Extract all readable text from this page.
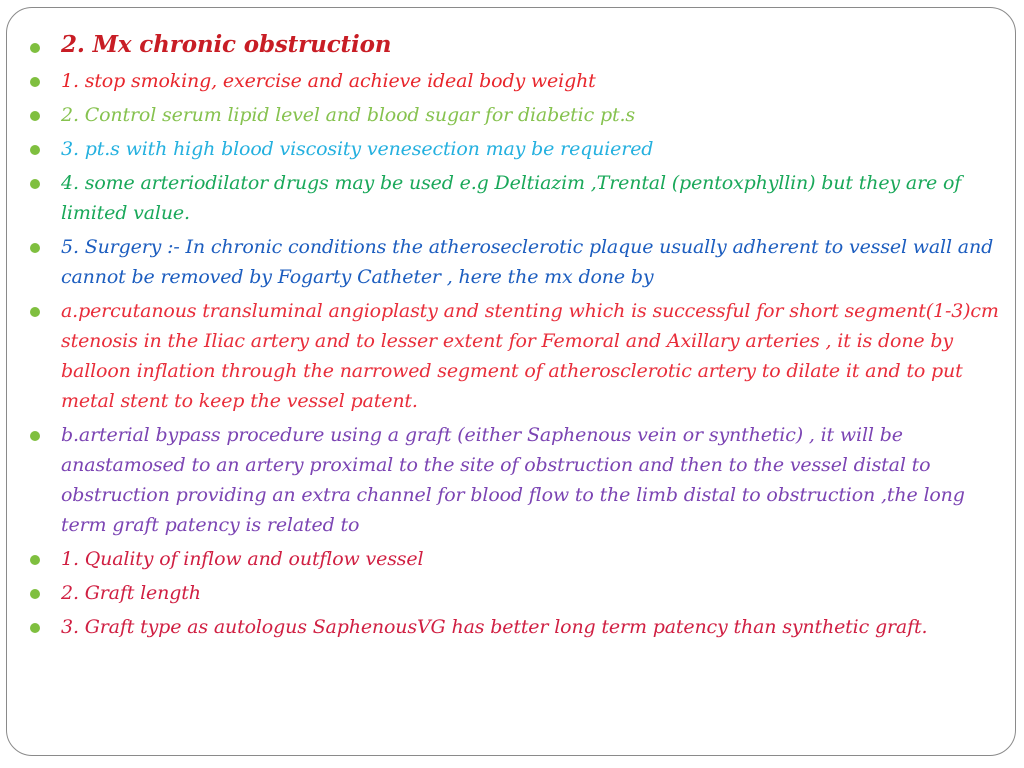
2. Mx chronic obstruction
1. stop smoking, exercise and achieve ideal body weight
2. Control serum lipid level and blood sugar for diabetic pt.s
3. pt.s with high blood viscosity venesection may be requiered
4. some arteriodilator drugs may be used e.g Deltiazim ,Trental (pentoxphyllin) but they are of limited value.
5. Surgery :- In chronic conditions the atheroseclerotic plaque usually adherent to vessel wall and cannot be removed by Fogarty Catheter , here the mx done by
a.percutanous transluminal angioplasty and stenting which is successful for short segment(1-3)cm stenosis in the Iliac artery and to lesser extent for Femoral and Axillary arteries , it is done by balloon inflation through the narrowed segment of atherosclerotic artery to dilate it and to put metal stent to keep the vessel patent.
b.arterial bypass procedure using a graft (either Saphenous vein or synthetic) , it will be anastamosed to an artery proximal to the site of obstruction and then to the vessel distal to obstruction providing an extra channel for blood flow to the limb distal to obstruction ,the long term graft patency is related to
1. Quality of inflow and outflow vessel
2. Graft length
3. Graft type as autologus SaphenousVG has better long term patency than synthetic graft.
